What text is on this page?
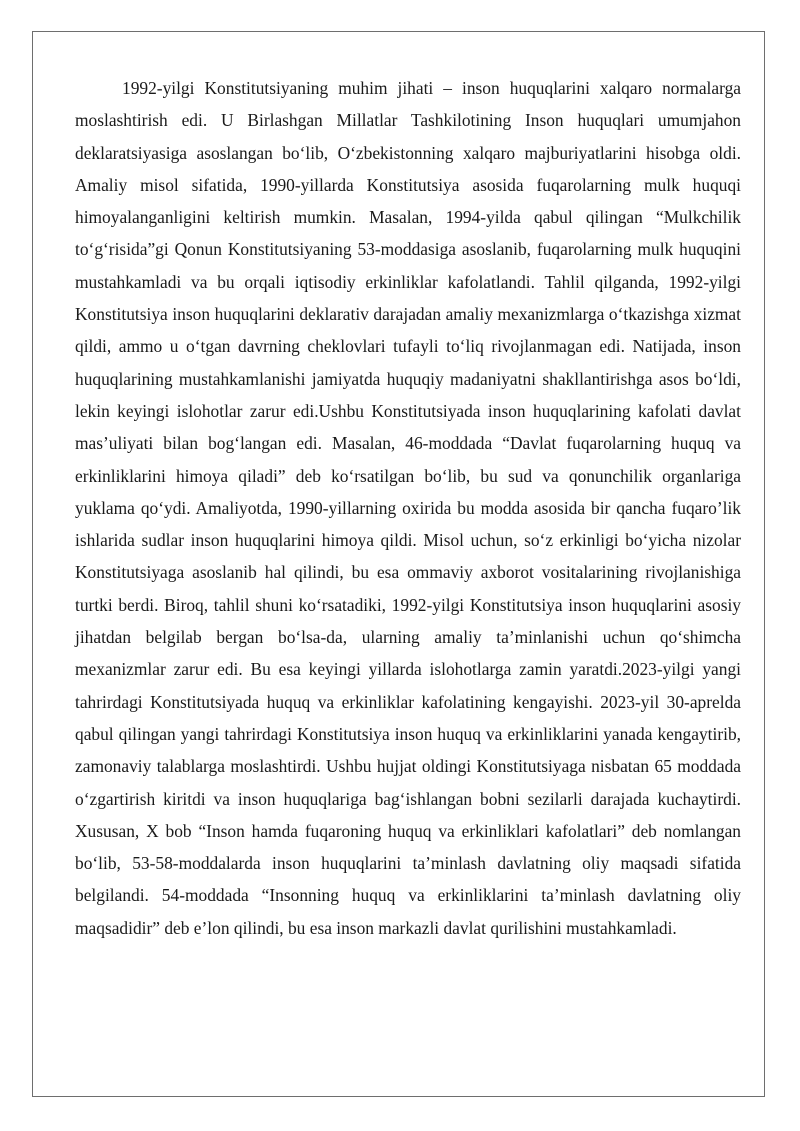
1992-yilgi Konstitutsiyaning muhim jihati – inson huquqlarini xalqaro normalarga moslashtirish edi. U Birlashgan Millatlar Tashkilotining Inson huquqlari umumjahon deklaratsiyasiga asoslangan bo‘lib, O‘zbekistonning xalqaro majburiyatlarini hisobga oldi. Amaliy misol sifatida, 1990-yillarda Konstitutsiya asosida fuqarolarning mulk huquqi himoyalanganligini keltirish mumkin. Masalan, 1994-yilda qabul qilingan “Mulkchilik to‘g‘risida”gi Qonun Konstitutsiyaning 53-moddasiga asoslanib, fuqarolarning mulk huquqini mustahkamladi va bu orqali iqtisodiy erkinliklar kafolatlandi. Tahlil qilganda, 1992-yilgi Konstitutsiya inson huquqlarini deklarativ darajadan amaliy mexanizmlarga o‘tkazishga xizmat qildi, ammo u o‘tgan davrning cheklovlari tufayli to‘liq rivojlanmagan edi. Natijada, inson huquqlarining mustahkamlanishi jamiyatda huquqiy madaniyatni shakllantirishga asos bo‘ldi, lekin keyingi islohotlar zarur edi.Ushbu Konstitutsiyada inson huquqlarining kafolati davlat mas’uliyati bilan bog‘langan edi. Masalan, 46-moddada “Davlat fuqarolarning huquq va erkinliklarini himoya qiladi” deb ko‘rsatilgan bo‘lib, bu sud va qonunchilik organlariga yuklama qo‘ydi. Amaliyotda, 1990-yillarning oxirida bu modda asosida bir qancha fuqaro’lik ishlarida sudlar inson huquqlarini himoya qildi. Misol uchun, so‘z erkinligi bo‘yicha nizolar Konstitutsiyaga asoslanib hal qilindi, bu esa ommaviy axborot vositalarining rivojlanishiga turtki berdi. Biroq, tahlil shuni ko‘rsatadiki, 1992-yilgi Konstitutsiya inson huquqlarini asosiy jihatdan belgilab bergan bo‘lsa-da, ularning amaliy ta’minlanishi uchun qo‘shimcha mexanizmlar zarur edi. Bu esa keyingi yillarda islohotlarga zamin yaratdi.2023-yilgi yangi tahrirdagi Konstitutsiyada huquq va erkinliklar kafolatining kengayishi. 2023-yil 30-aprelda qabul qilingan yangi tahrirdagi Konstitutsiya inson huquq va erkinliklarini yanada kengaytirib, zamonaviy talablarga moslashtirdi. Ushbu hujjat oldingi Konstitutsiyaga nisbatan 65 moddada o‘zgartirish kiritdi va inson huquqlariga bag‘ishlangan bobni sezilarli darajada kuchaytirdi. Xususan, X bob “Inson hamda fuqaroning huquq va erkinliklari kafolatlari” deb nomlangan bo‘lib, 53-58-moddalarda inson huquqlarini ta’minlash davlatning oliy maqsadi sifatida belgilandi. 54-moddada “Insonning huquq va erkinliklarini ta’minlash davlatning oliy maqsadidir” deb e’lon qilindi, bu esa inson markazli davlat qurilishini mustahkamladi.
